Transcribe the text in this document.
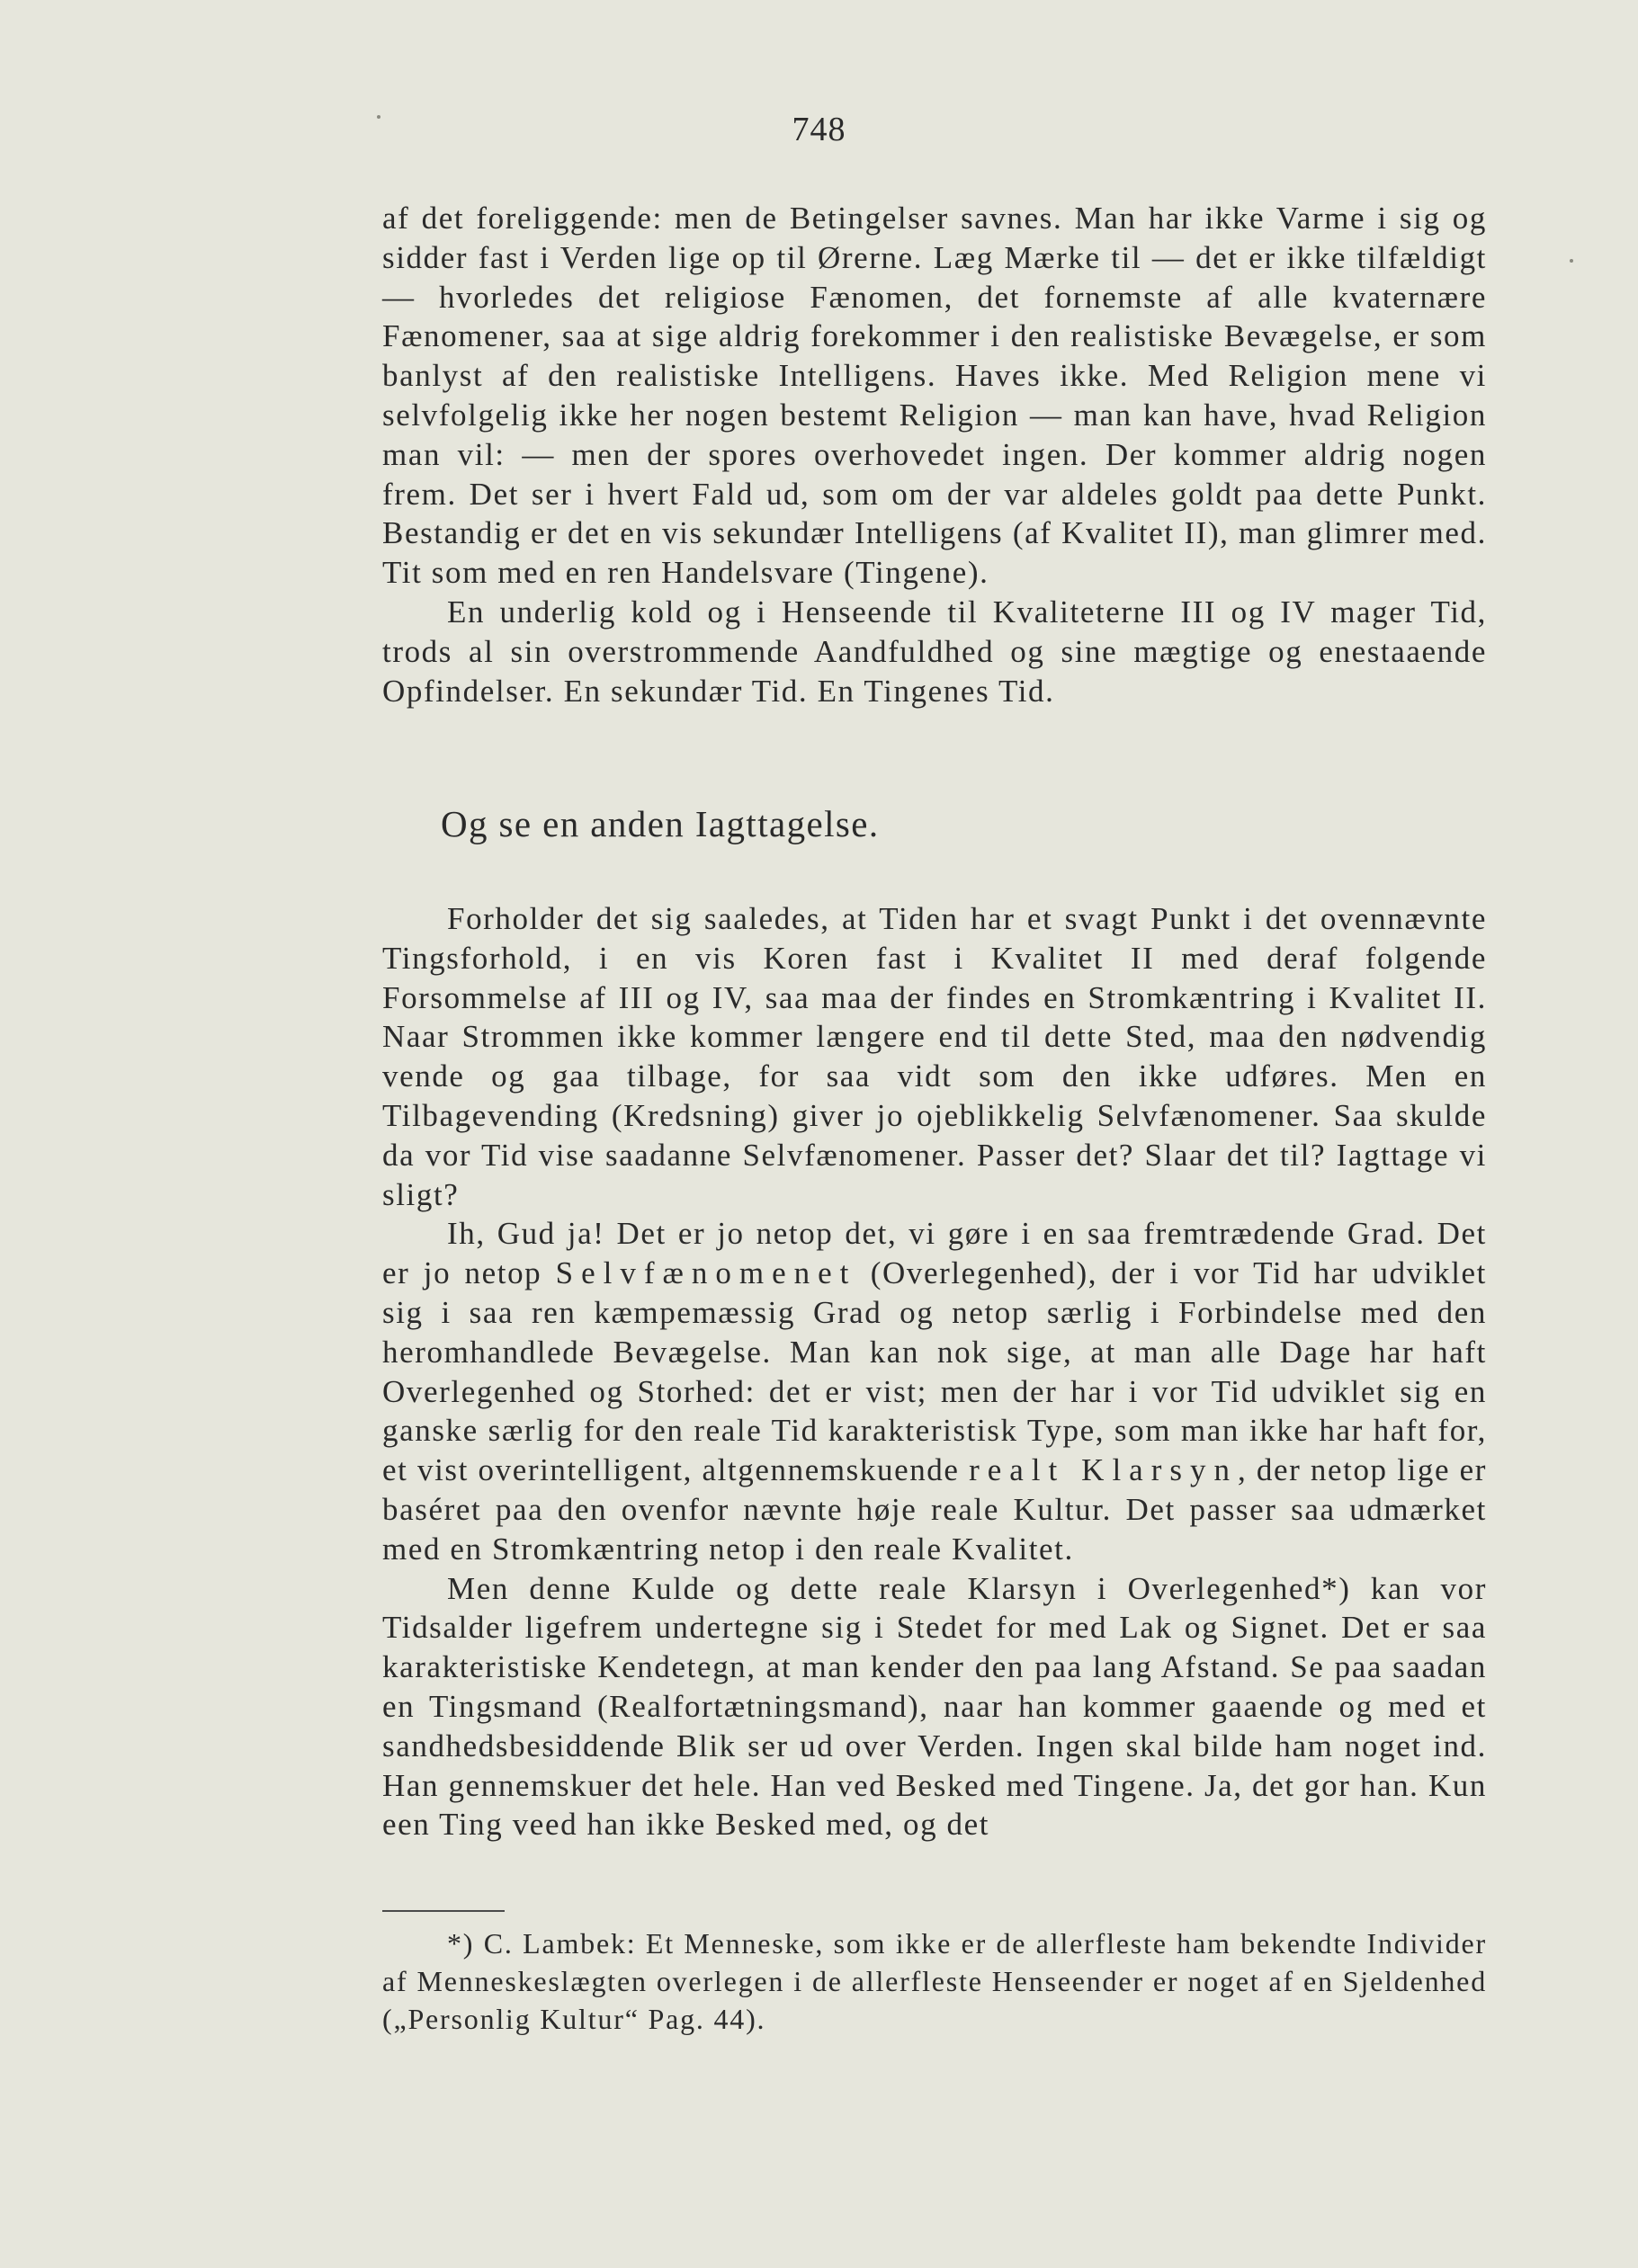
748

af det foreliggende: men de Betingelser savnes. Man har ikke Varme i sig og sidder fast i Verden lige op til Ørerne. Læg Mærke til — det er ikke tilfældigt — hvorledes det religiose Fænomen, det fornemste af alle kvaternære Fænomener, saa at sige aldrig forekommer i den realistiske Bevægelse, er som banlyst af den realistiske Intelligens. Haves ikke. Med Religion mene vi selvfolgelig ikke her nogen bestemt Religion — man kan have, hvad Religion man vil: — men der spores overhovedet ingen. Der kommer aldrig nogen frem. Det ser i hvert Fald ud, som om der var aldeles goldt paa dette Punkt. Bestandig er det en vis sekundær Intelligens (af Kvalitet II), man glimrer med. Tit som med en ren Handelsvare (Tingene).

En underlig kold og i Henseende til Kvaliteterne III og IV mager Tid, trods al sin overstrommende Aandfuldhed og sine mægtige og enestaaende Opfindelser. En sekundær Tid. En Tingenes Tid.

Og se en anden Iagttagelse.

Forholder det sig saaledes, at Tiden har et svagt Punkt i det ovennævnte Tingsforhold, i en vis Koren fast i Kvalitet II med deraf folgende Forsommelse af III og IV, saa maa der findes en Stromkæntring i Kvalitet II. Naar Strommen ikke kommer længere end til dette Sted, maa den nødvendig vende og gaa tilbage, for saa vidt som den ikke udføres. Men en Tilbagevending (Kredsning) giver jo ojeblikkelig Selvfænomener. Saa skulde da vor Tid vise saadanne Selvfænomener. Passer det? Slaar det til? Iagttage vi sligt?

Ih, Gud ja! Det er jo netop det, vi gøre i en saa fremtrædende Grad. Det er jo netop Selvfænomenet (Overlegenhed), der i vor Tid har udviklet sig i saa ren kæmpemæssig Grad og netop særlig i Forbindelse med den heromhandlede Bevægelse. Man kan nok sige, at man alle Dage har haft Overlegenhed og Storhed: det er vist; men der har i vor Tid udviklet sig en ganske særlig for den reale Tid karakteristisk Type, som man ikke har haft for, et vist overintelligent, altgennemskuende realt Klarsyn, der netop lige er baséret paa den ovenfor nævnte høje reale Kultur. Det passer saa udmærket med en Stromkæntring netop i den reale Kvalitet.

Men denne Kulde og dette reale Klarsyn i Overlegenhed*) kan vor Tidsalder ligefrem undertegne sig i Stedet for med Lak og Signet. Det er saa karakteristiske Kendetegn, at man kender den paa lang Afstand. Se paa saadan en Tingsmand (Realfortætningsmand), naar han kommer gaaende og med et sandhedsbesiddende Blik ser ud over Verden. Ingen skal bilde ham noget ind. Han gennemskuer det hele. Han ved Besked med Tingene. Ja, det gor han. Kun een Ting veed han ikke Besked med, og det

*) C. Lambek: Et Menneske, som ikke er de allerfleste ham bekendte Individer af Menneskeslægten overlegen i de allerfleste Henseender er noget af en Sjeldenhed („Personlig Kultur“ Pag. 44).
